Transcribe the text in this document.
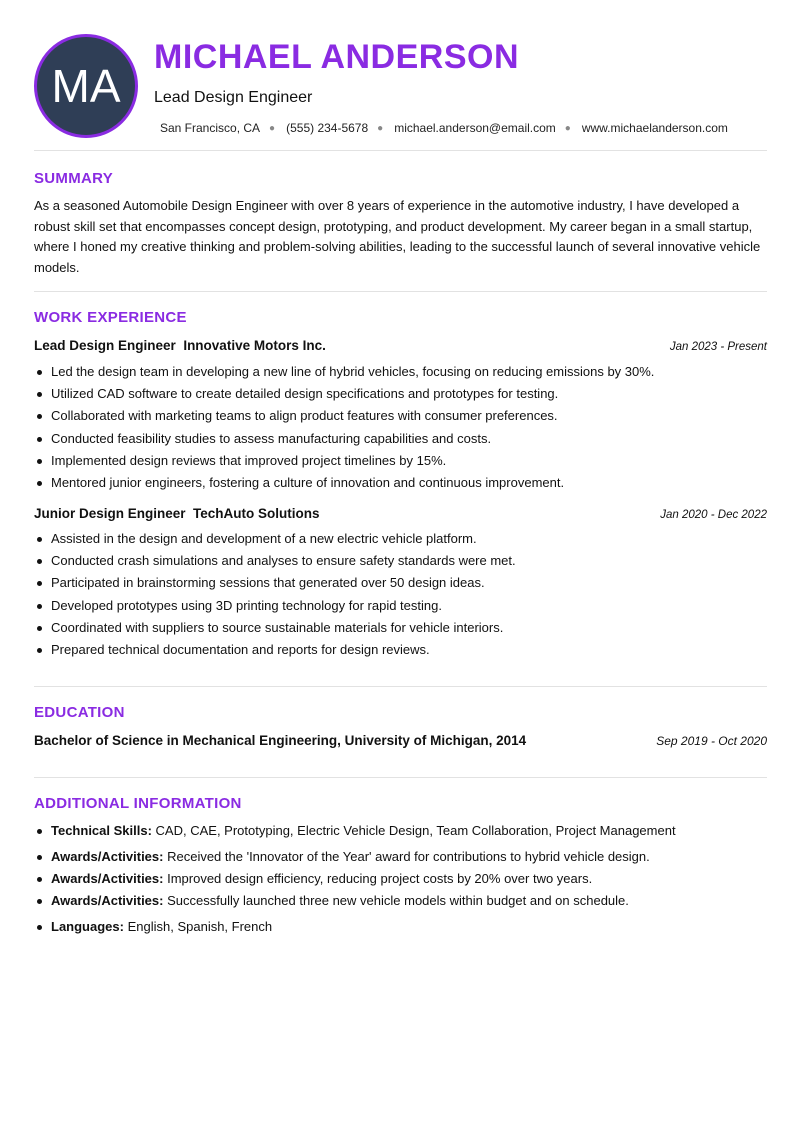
MA
MICHAEL ANDERSON
Lead Design Engineer
San Francisco, CA ● (555) 234-5678 ● michael.anderson@email.com ● www.michaelanderson.com
SUMMARY
As a seasoned Automobile Design Engineer with over 8 years of experience in the automotive industry, I have developed a robust skill set that encompasses concept design, prototyping, and product development. My career began in a small startup, where I honed my creative thinking and problem-solving abilities, leading to the successful launch of several innovative vehicle models.
WORK EXPERIENCE
Lead Design Engineer Innovative Motors Inc.	Jan 2023 - Present
Led the design team in developing a new line of hybrid vehicles, focusing on reducing emissions by 30%.
Utilized CAD software to create detailed design specifications and prototypes for testing.
Collaborated with marketing teams to align product features with consumer preferences.
Conducted feasibility studies to assess manufacturing capabilities and costs.
Implemented design reviews that improved project timelines by 15%.
Mentored junior engineers, fostering a culture of innovation and continuous improvement.
Junior Design Engineer TechAuto Solutions	Jan 2020 - Dec 2022
Assisted in the design and development of a new electric vehicle platform.
Conducted crash simulations and analyses to ensure safety standards were met.
Participated in brainstorming sessions that generated over 50 design ideas.
Developed prototypes using 3D printing technology for rapid testing.
Coordinated with suppliers to source sustainable materials for vehicle interiors.
Prepared technical documentation and reports for design reviews.
EDUCATION
Bachelor of Science in Mechanical Engineering, University of Michigan, 2014	Sep 2019 - Oct 2020
ADDITIONAL INFORMATION
Technical Skills: CAD, CAE, Prototyping, Electric Vehicle Design, Team Collaboration, Project Management
Awards/Activities: Received the 'Innovator of the Year' award for contributions to hybrid vehicle design.
Awards/Activities: Improved design efficiency, reducing project costs by 20% over two years.
Awards/Activities: Successfully launched three new vehicle models within budget and on schedule.
Languages: English, Spanish, French
